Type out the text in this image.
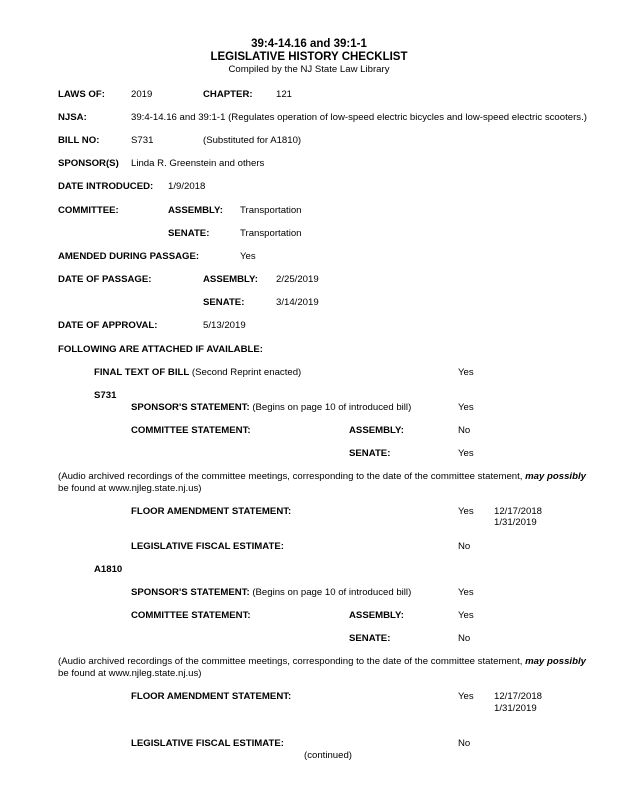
39:4-14.16 and 39:1-1
LEGISLATIVE HISTORY CHECKLIST
Compiled by the NJ State Law Library
LAWS OF:	2019	CHAPTER: 121
NJSA:	39:4-14.16 and 39:1-1 (Regulates operation of low-speed electric bicycles and low-speed electric scooters.)
BILL NO:	S731	(Substituted for A1810)
SPONSOR(S) Linda R. Greenstein and others
DATE INTRODUCED: 1/9/2018
COMMITTEE:	ASSEMBLY: Transportation
SENATE:	Transportation
AMENDED DURING PASSAGE:	Yes
DATE OF PASSAGE:	ASSEMBLY: 2/25/2019
SENATE:	3/14/2019
DATE OF APPROVAL:	5/13/2019
FOLLOWING ARE ATTACHED IF AVAILABLE:
FINAL TEXT OF BILL (Second Reprint enacted)	Yes
S731
SPONSOR'S STATEMENT: (Begins on page 10 of introduced bill)	Yes
COMMITTEE STATEMENT:	ASSEMBLY:	No
SENATE:	Yes
(Audio archived recordings of the committee meetings, corresponding to the date of the committee statement, may possibly
be found at www.njleg.state.nj.us)
FLOOR AMENDMENT STATEMENT:	Yes 12/17/2018
1/31/2019
LEGISLATIVE FISCAL ESTIMATE:	No
A1810
SPONSOR'S STATEMENT: (Begins on page 10 of introduced bill)	Yes
COMMITTEE STATEMENT:	ASSEMBLY:	Yes
SENATE:	No
(Audio archived recordings of the committee meetings, corresponding to the date of the committee statement, may possibly
be found at www.njleg.state.nj.us)
FLOOR AMENDMENT STATEMENT:	Yes 12/17/2018
1/31/2019
LEGISLATIVE FISCAL ESTIMATE:	No
(continued)
